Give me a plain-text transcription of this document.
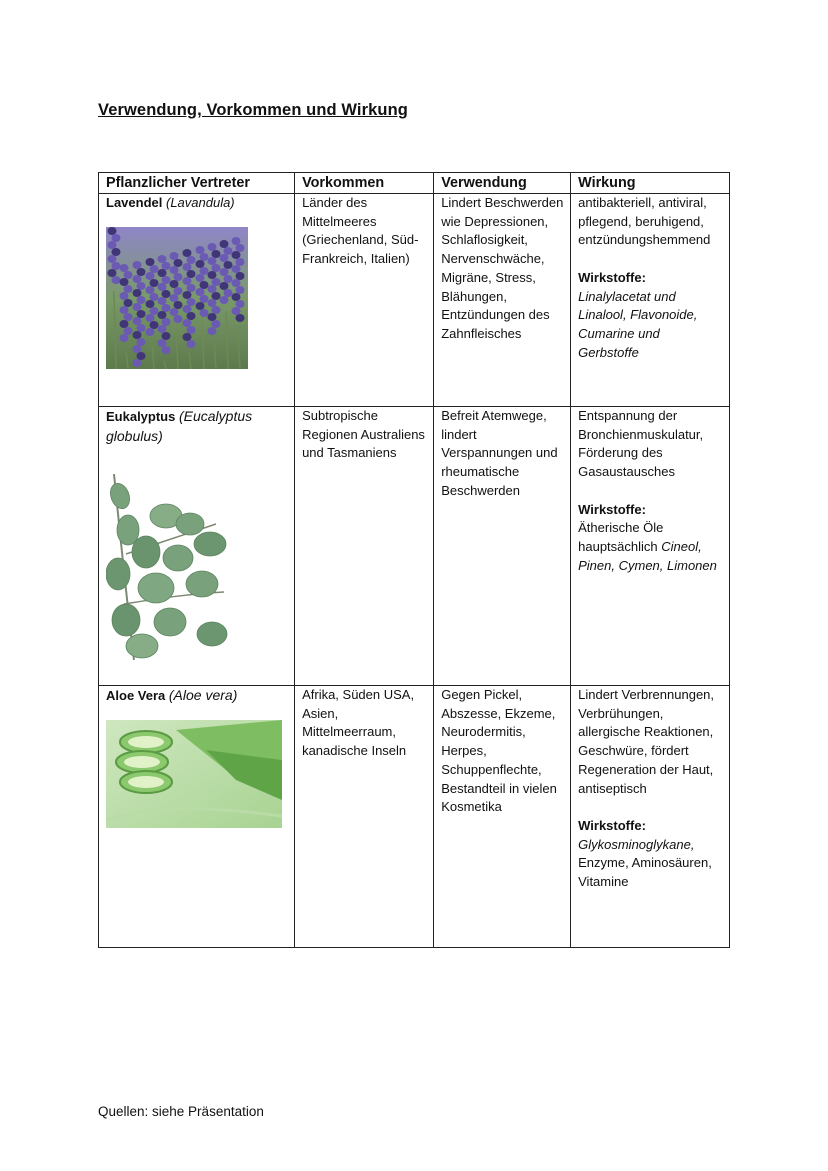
Verwendung, Vorkommen und Wirkung
Pflanzlicher Vertreter	Vorkommen	Verwendung	Wirkung
Lavendel (Lavandula)	Länder des Mittelmeeres (Griechenland, Süd-Frankreich, Italien)	Lindert Beschwerden wie Depressionen, Schlaflosigkeit, Nervenschwäche, Migräne, Stress, Blähungen, Entzündungen des Zahnfleisches	antibakteriell, antiviral, pflegend, beruhigend, entzündungshemmend

Wirkstoffe:
Linalylacetat und Linalool, Flavonoide, Cumarine und Gerbstoffe
Eukalyptus (Eucalyptus globulus)	Subtropische Regionen Australiens und Tasmaniens	Befreit Atemwege, lindert Verspannungen und rheumatische Beschwerden	Entspannung der Bronchienmuskulatur, Förderung des Gasaustausches

Wirkstoffe:
Ätherische Öle hauptsächlich Cineol, Pinen, Cymen, Limonen
Aloe Vera (Aloe vera)	Afrika, Süden USA, Asien, Mittelmeerraum, kanadische Inseln	Gegen Pickel, Abszesse, Ekzeme, Neurodermitis, Herpes, Schuppenflechte, Bestandteil in vielen Kosmetika	Lindert Verbrennungen, Verbrühungen, allergische Reaktionen, Geschwüre, fördert Regeneration der Haut, antiseptisch

Wirkstoffe:
Glykosminoglykane, Enzyme, Aminosäuren, Vitamine

Quellen: siehe Präsentation
